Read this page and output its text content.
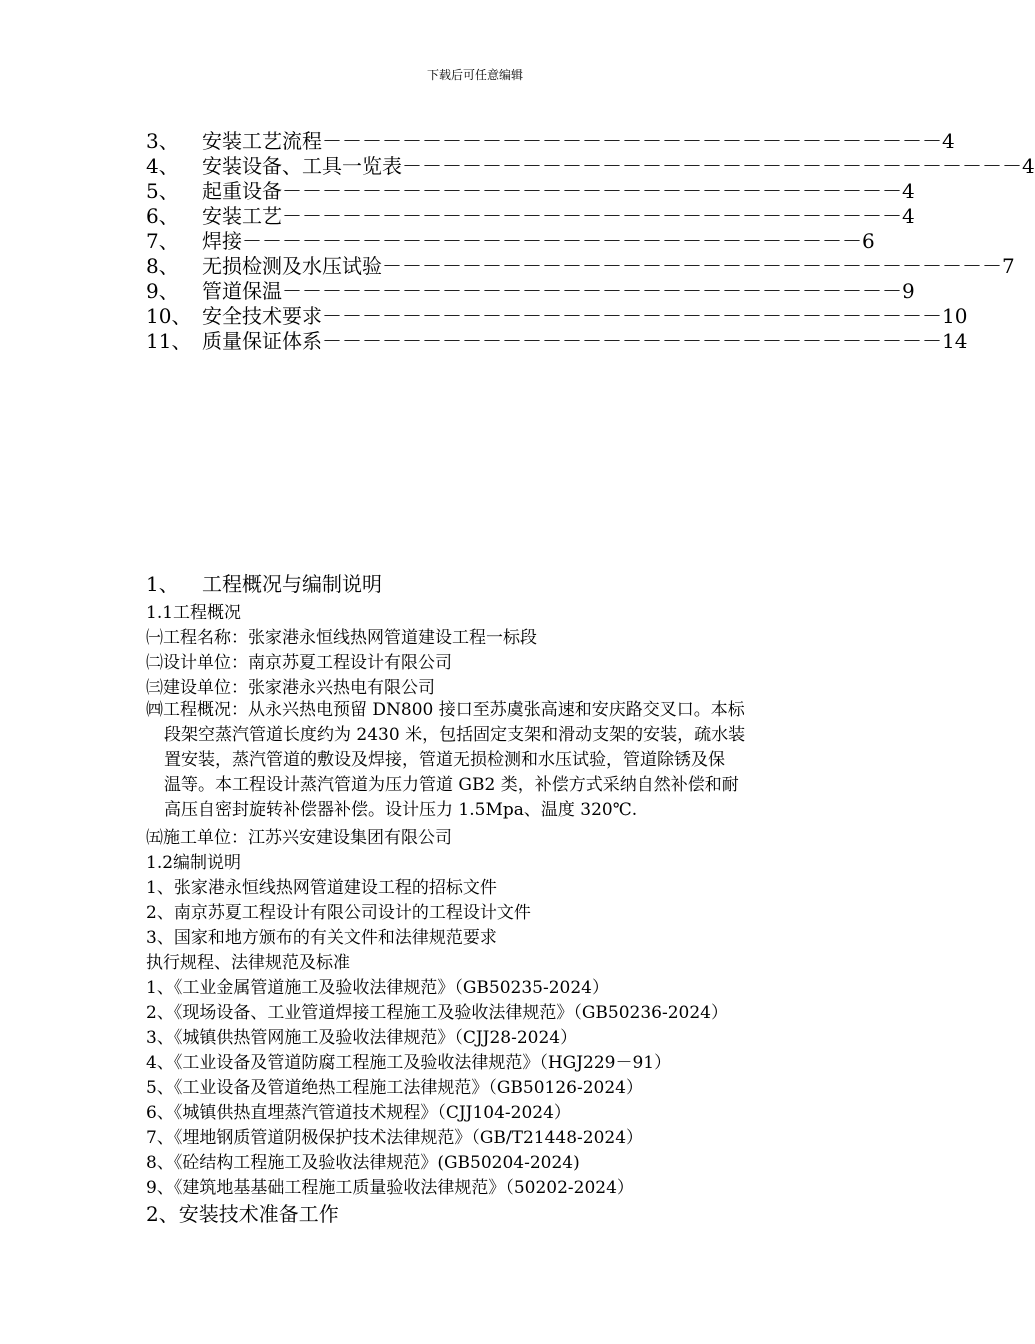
下载后可任意编辑
3、	安装工艺流程 －－－－－－－－－－－－－－－－－－－－－－－－－－－－－－－ 4
4、	安装设备、工具一览表 －－－－－－－－－－－－－－－－－－－－－－－－－－－－－－－ 4
5、	起重设备 －－－－－－－－－－－－－－－－－－－－－－－－－－－－－－－ 4
6、	安装工艺 －－－－－－－－－－－－－－－－－－－－－－－－－－－－－－－ 4
7、	焊接 －－－－－－－－－－－－－－－－－－－－－－－－－－－－－－－ 6
8、	无损检测及水压试验 －－－－－－－－－－－－－－－－－－－－－－－－－－－－－－－ 7
9、	管道保温 －－－－－－－－－－－－－－－－－－－－－－－－－－－－－－－ 9
10、 安全技术要求 －－－－－－－－－－－－－－－－－－－－－－－－－－－－－－－ 10
11、 质量保证体系 －－－－－－－－－－－－－－－－－－－－－－－－－－－－－－－ 14
1、	工程概况与编制说明
1.1工程概况
㈠工程名称：张家港永恒线热网管道建设工程一标段
㈡设计单位：南京苏夏工程设计有限公司
㈢建设单位：张家港永兴热电有限公司
㈣工程概况：从永兴热电预留 DN800 接口至苏虞张高速和安庆路交叉口。本标
段架空蒸汽管道长度约为 2430 米，包括固定支架和滑动支架的安装，疏水装
置安装，蒸汽管道的敷设及焊接，管道无损检测和水压试验，管道除锈及保
温等。本工程设计蒸汽管道为压力管道 GB2 类，补偿方式采纳自然补偿和耐
高压自密封旋转补偿器补偿。设计压力 1.5Mpa、温度 320℃.
㈤施工单位：江苏兴安建设集团有限公司
1.2编制说明
1、张家港永恒线热网管道建设工程的招标文件
2、南京苏夏工程设计有限公司设计的工程设计文件
3、国家和地方颁布的有关文件和法律规范要求
执行规程、法律规范及标准
1、《工业金属管道施工及验收法律规范》（GB50235-2024）
2、《现场设备、工业管道焊接工程施工及验收法律规范》（GB50236-2024）
3、《城镇供热管网施工及验收法律规范》（CJJ28-2024）
4、《工业设备及管道防腐工程施工及验收法律规范》（HGJ229－91）
5、《工业设备及管道绝热工程施工法律规范》（GB50126-2024）
6、《城镇供热直埋蒸汽管道技术规程》（CJJ104-2024）
7、《埋地钢质管道阴极保护技术法律规范》（GB/T21448-2024）
8、《砼结构工程施工及验收法律规范》(GB50204-2024)
9、《建筑地基基础工程施工质量验收法律规范》（50202-2024）
2、安装技术准备工作
